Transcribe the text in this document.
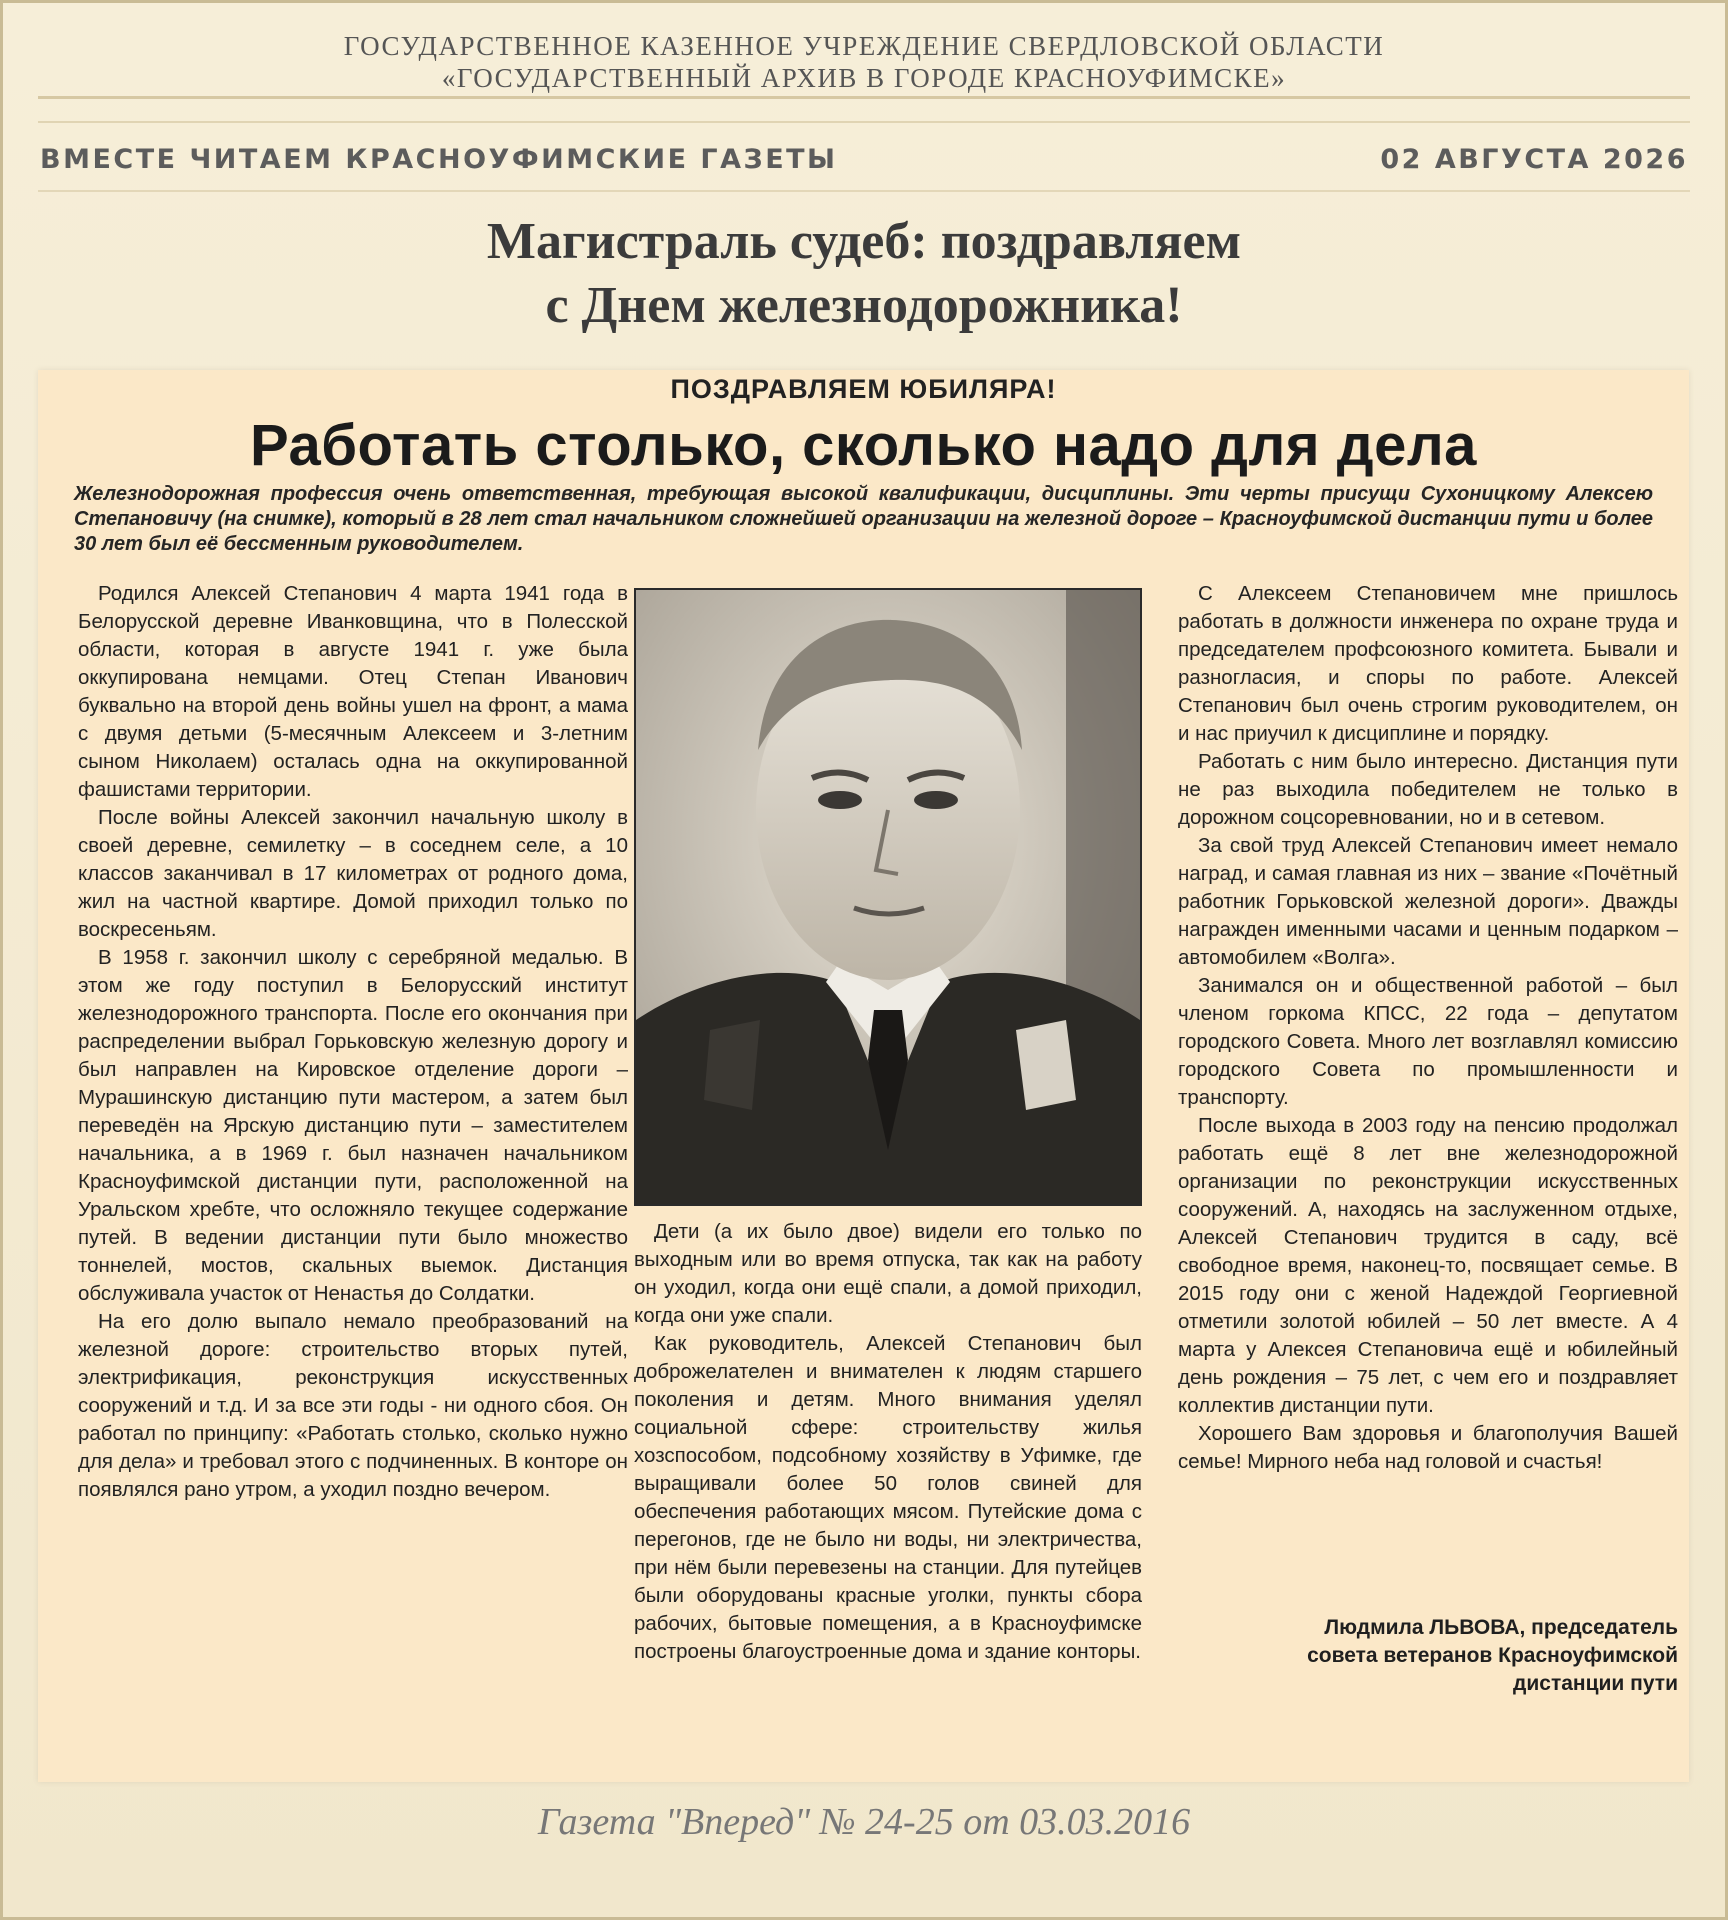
ГОСУДАРСТВЕННОЕ КАЗЕННОЕ УЧРЕЖДЕНИЕ СВЕРДЛОВСКОЙ ОБЛАСТИ
«ГОСУДАРСТВЕННЫЙ АРХИВ В ГОРОДЕ КРАСНОУФИМСКЕ»
ВМЕСТЕ ЧИТАЕМ КРАСНОУФИМСКИЕ ГАЗЕТЫ	02 АВГУСТА 2026
Магистраль судеб: поздравляем
с Днем железнодорожника!
ПОЗДРАВЛЯЕМ ЮБИЛЯРА!
Работать столько, сколько надо для дела
Железнодорожная профессия очень ответственная, требующая высокой квалификации, дисциплины. Эти черты присущи Сухоницкому Алексею Степановичу (на снимке), который в 28 лет стал начальником сложнейшей организации на железной дороге – Красноуфимской дистанции пути и более 30 лет был её бессменным руководителем.

Родился Алексей Степанович 4 марта 1941 года в Белорусской деревне Иванковщина, что в Полесской области, которая в августе 1941 г. уже была оккупирована немцами. Отец Степан Иванович буквально на второй день войны ушел на фронт, а мама с двумя детьми (5-месячным Алексеем и 3-летним сыном Николаем) осталась одна на оккупированной фашистами территории.

После войны Алексей закончил начальную школу в своей деревне, семилетку – в соседнем селе, а 10 классов заканчивал в 17 километрах от родного дома, жил на частной квартире. Домой приходил только по воскресеньям.

В 1958 г. закончил школу с серебряной медалью. В этом же году поступил в Белорусский институт железнодорожного транспорта. После его окончания при распределении выбрал Горьковскую железную дорогу и был направлен на Кировское отделение дороги – Мурашинскую дистанцию пути мастером, а затем был переведён на Ярскую дистанцию пути – заместителем начальника, а в 1969 г. был назначен начальником Красноуфимской дистанции пути, расположенной на Уральском хребте, что осложняло текущее содержание путей. В ведении дистанции пути было множество тоннелей, мостов, скальных выемок. Дистанция обслуживала участок от Ненастья до Солдатки.

На его долю выпало немало преобразований на железной дороге: строительство вторых путей, электрификация, реконструкция искусственных сооружений и т.д. И за все эти годы - ни одного сбоя. Он работал по принципу: «Работать столько, сколько нужно для дела» и требовал этого с подчиненных. В конторе он появлялся рано утром, а уходил поздно вечером.

Дети (а их было двое) видели его только по выходным или во время отпуска, так как на работу он уходил, когда они ещё спали, а домой приходил, когда они уже спали.

Как руководитель, Алексей Степанович был доброжелателен и внимателен к людям старшего поколения и детям. Много внимания уделял социальной сфере: строительству жилья хозспособом, подсобному хозяйству в Уфимке, где выращивали более 50 голов свиней для обеспечения работающих мясом. Путейские дома с перегонов, где не было ни воды, ни электричества, при нём были перевезены на станции. Для путейцев были оборудованы красные уголки, пункты сбора рабочих, бытовые помещения, а в Красноуфимске построены благоустроенные дома и здание конторы.

С Алексеем Степановичем мне пришлось работать в должности инженера по охране труда и председателем профсоюзного комитета. Бывали и разногласия, и споры по работе. Алексей Степанович был очень строгим руководителем, он и нас приучил к дисциплине и порядку.

Работать с ним было интересно. Дистанция пути не раз выходила победителем не только в дорожном соцсоревновании, но и в сетевом.

За свой труд Алексей Степанович имеет немало наград, и самая главная из них – звание «Почётный работник Горьковской железной дороги». Дважды награжден именными часами и ценным подарком – автомобилем «Волга».

Занимался он и общественной работой – был членом горкома КПСС, 22 года – депутатом городского Совета. Много лет возглавлял комиссию городского Совета по промышленности и транспорту.

После выхода в 2003 году на пенсию продолжал работать ещё 8 лет вне железнодорожной организации по реконструкции искусственных сооружений. А, находясь на заслуженном отдыхе, Алексей Степанович трудится в саду, всё свободное время, наконец-то, посвящает семье. В 2015 году они с женой Надеждой Георгиевной отметили золотой юбилей – 50 лет вместе. А 4 марта у Алексея Степановича ещё и юбилейный день рождения – 75 лет, с чем его и поздравляет коллектив дистанции пути.

Хорошего Вам здоровья и благополучия Вашей семье! Мирного неба над головой и счастья!

Людмила ЛЬВОВА, председатель
совета ветеранов Красноуфимской
дистанции пути
Газета "Вперед" № 24-25 от 03.03.2016
